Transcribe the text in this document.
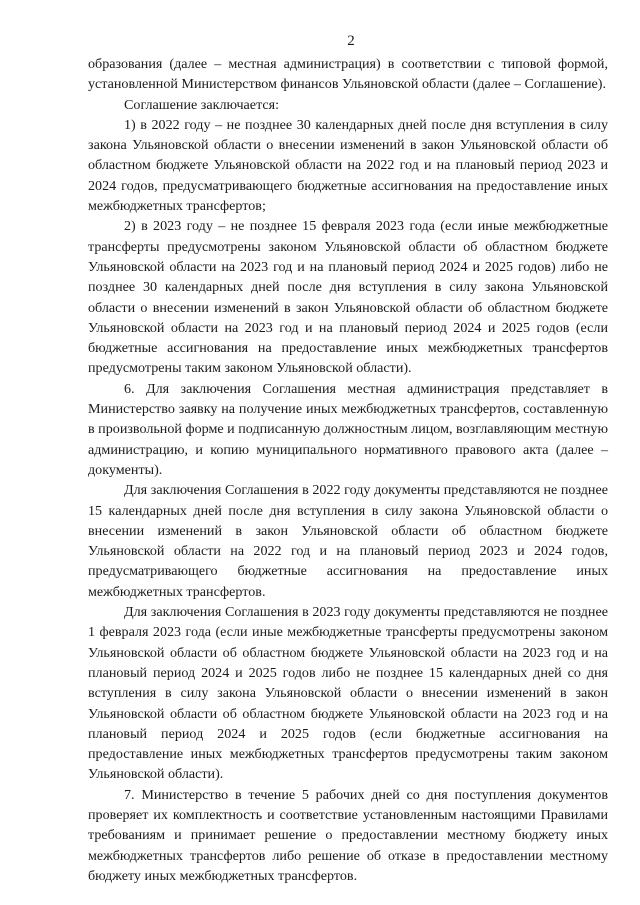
2

образования (далее – местная администрация) в соответствии с типовой формой, установленной Министерством финансов Ульяновской области (далее – Соглашение).

Соглашение заключается:

1) в 2022 году – не позднее 30 календарных дней после дня вступления в силу закона Ульяновской области о внесении изменений в закон Ульяновской области об областном бюджете Ульяновской области на 2022 год и на плановый период 2023 и 2024 годов, предусматривающего бюджетные ассигнования на предоставление иных межбюджетных трансфертов;

2) в 2023 году – не позднее 15 февраля 2023 года (если иные межбюджетные трансферты предусмотрены законом Ульяновской области об областном бюджете Ульяновской области на 2023 год и на плановый период 2024 и 2025 годов) либо не позднее 30 календарных дней после дня вступления в силу закона Ульяновской области о внесении изменений в закон Ульяновской области об областном бюджете Ульяновской области на 2023 год и на плановый период 2024 и 2025 годов (если бюджетные ассигнования на предоставление иных межбюджетных трансфертов предусмотрены таким законом Ульяновской области).

6. Для заключения Соглашения местная администрация представляет в Министерство заявку на получение иных межбюджетных трансфертов, составленную в произвольной форме и подписанную должностным лицом, возглавляющим местную администрацию, и копию муниципального нормативного правового акта (далее – документы).

Для заключения Соглашения в 2022 году документы представляются не позднее 15 календарных дней после дня вступления в силу закона Ульяновской области о внесении изменений в закон Ульяновской области об областном бюджете Ульяновской области на 2022 год и на плановый период 2023 и 2024 годов, предусматривающего бюджетные ассигнования на предоставление иных межбюджетных трансфертов.

Для заключения Соглашения в 2023 году документы представляются не позднее 1 февраля 2023 года (если иные межбюджетные трансферты предусмотрены законом Ульяновской области об областном бюджете Ульяновской области на 2023 год и на плановый период 2024 и 2025 годов либо не позднее 15 календарных дней со дня вступления в силу закона Ульяновской области о внесении изменений в закон Ульяновской области об областном бюджете Ульяновской области на 2023 год и на плановый период 2024 и 2025 годов (если бюджетные ассигнования на предоставление иных межбюджетных трансфертов предусмотрены таким законом Ульяновской области).

7. Министерство в течение 5 рабочих дней со дня поступления документов проверяет их комплектность и соответствие установленным настоящими Правилами требованиям и принимает решение о предоставлении местному бюджету иных межбюджетных трансфертов либо решение об отказе в предоставлении местному бюджету иных межбюджетных трансфертов.
